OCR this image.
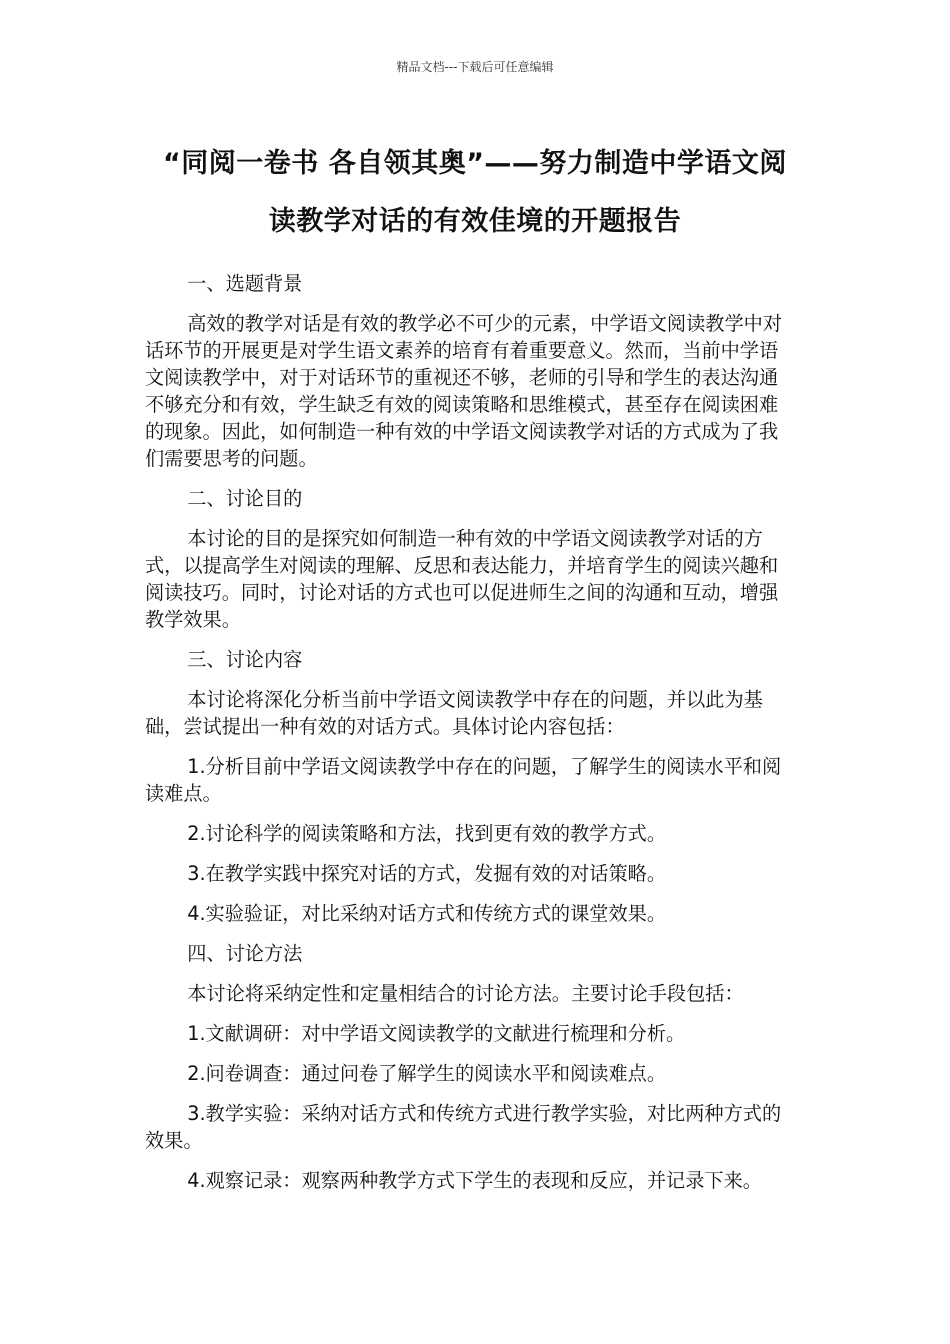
精品文档---下载后可任意编辑
“同阅一卷书 各自领其奥”——努力制造中学语文阅
读教学对话的有效佳境的开题报告

一、选题背景

高效的教学对话是有效的教学必不可少的元素，中学语文阅读教学中对话环节的开展更是对学生语文素养的培育有着重要意义。然而，当前中学语文阅读教学中，对于对话环节的重视还不够，老师的引导和学生的表达沟通不够充分和有效，学生缺乏有效的阅读策略和思维模式，甚至存在阅读困难的现象。因此，如何制造一种有效的中学语文阅读教学对话的方式成为了我们需要思考的问题。

二、讨论目的

本讨论的目的是探究如何制造一种有效的中学语文阅读教学对话的方式，以提高学生对阅读的理解、反思和表达能力，并培育学生的阅读兴趣和阅读技巧。同时，讨论对话的方式也可以促进师生之间的沟通和互动，增强教学效果。

三、讨论内容

本讨论将深化分析当前中学语文阅读教学中存在的问题，并以此为基础，尝试提出一种有效的对话方式。具体讨论内容包括：

1.分析目前中学语文阅读教学中存在的问题，了解学生的阅读水平和阅读难点。

2.讨论科学的阅读策略和方法，找到更有效的教学方式。

3.在教学实践中探究对话的方式，发掘有效的对话策略。

4.实验验证，对比采纳对话方式和传统方式的课堂效果。

四、讨论方法

本讨论将采纳定性和定量相结合的讨论方法。主要讨论手段包括：

1.文献调研：对中学语文阅读教学的文献进行梳理和分析。

2.问卷调查：通过问卷了解学生的阅读水平和阅读难点。

3.教学实验：采纳对话方式和传统方式进行教学实验，对比两种方式的效果。

4.观察记录：观察两种教学方式下学生的表现和反应，并记录下来。
